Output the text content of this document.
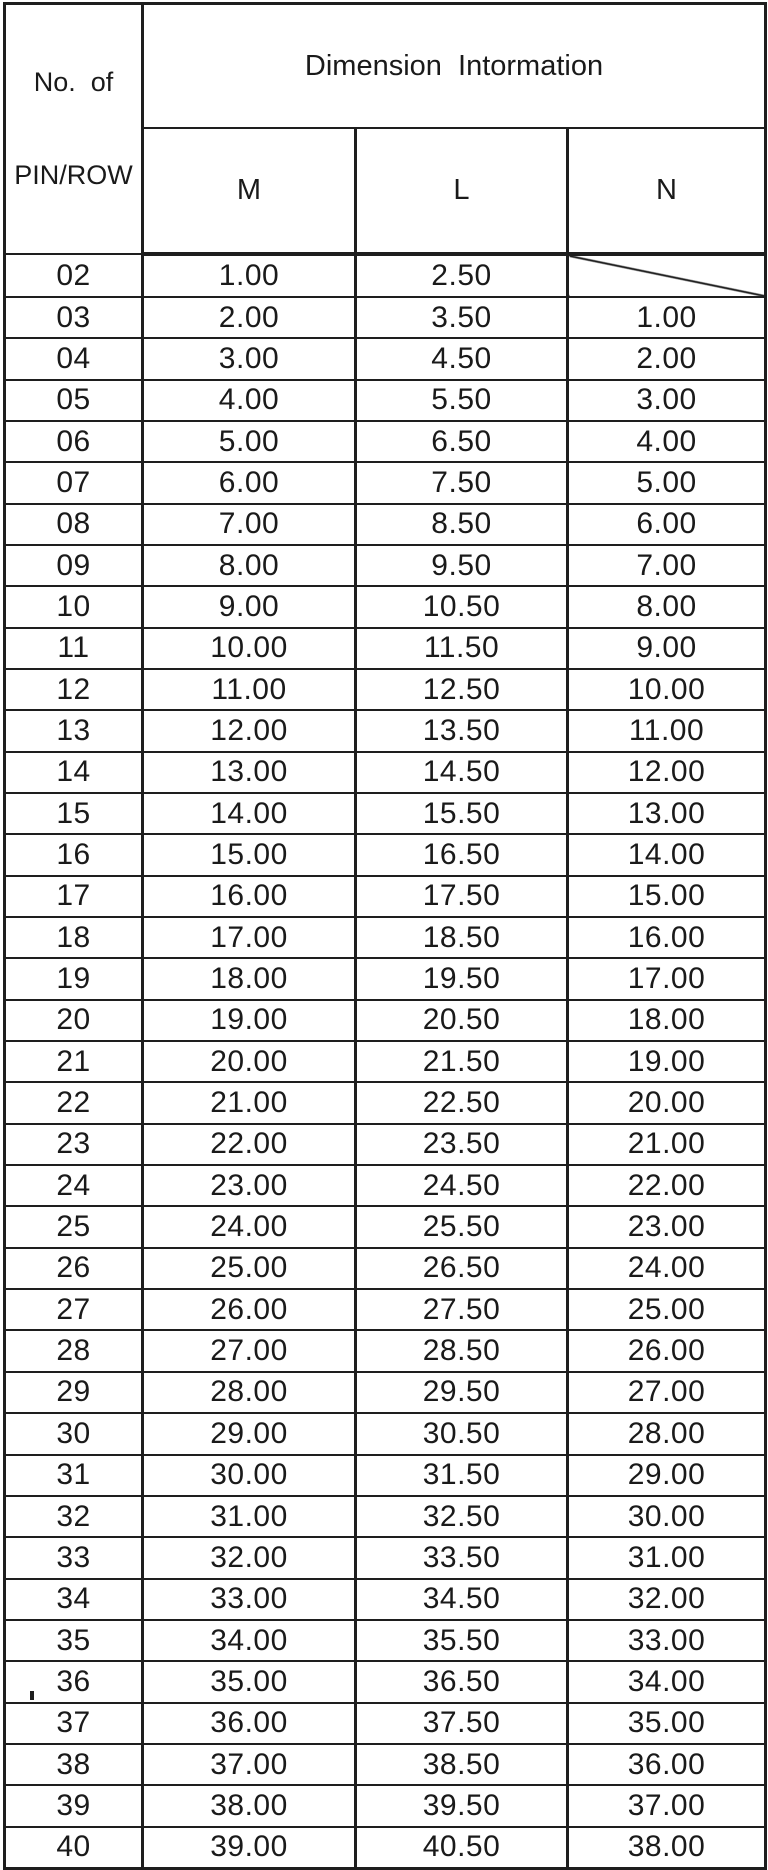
No.  of

PIN/ROW	Dimension  Intormation		
	M	L	N
02	1.00	2.50	
03	2.00	3.50	1.00
04	3.00	4.50	2.00
05	4.00	5.50	3.00
06	5.00	6.50	4.00
07	6.00	7.50	5.00
08	7.00	8.50	6.00
09	8.00	9.50	7.00
10	9.00	10.50	8.00
11	10.00	11.50	9.00
12	11.00	12.50	10.00
13	12.00	13.50	11.00
14	13.00	14.50	12.00
15	14.00	15.50	13.00
16	15.00	16.50	14.00
17	16.00	17.50	15.00
18	17.00	18.50	16.00
19	18.00	19.50	17.00
20	19.00	20.50	18.00
21	20.00	21.50	19.00
22	21.00	22.50	20.00
23	22.00	23.50	21.00
24	23.00	24.50	22.00
25	24.00	25.50	23.00
26	25.00	26.50	24.00
27	26.00	27.50	25.00
28	27.00	28.50	26.00
29	28.00	29.50	27.00
30	29.00	30.50	28.00
31	30.00	31.50	29.00
32	31.00	32.50	30.00
33	32.00	33.50	31.00
34	33.00	34.50	32.00
35	34.00	35.50	33.00
36	35.00	36.50	34.00
37	36.00	37.50	35.00
38	37.00	38.50	36.00
39	38.00	39.50	37.00
40	39.00	40.50	38.00
